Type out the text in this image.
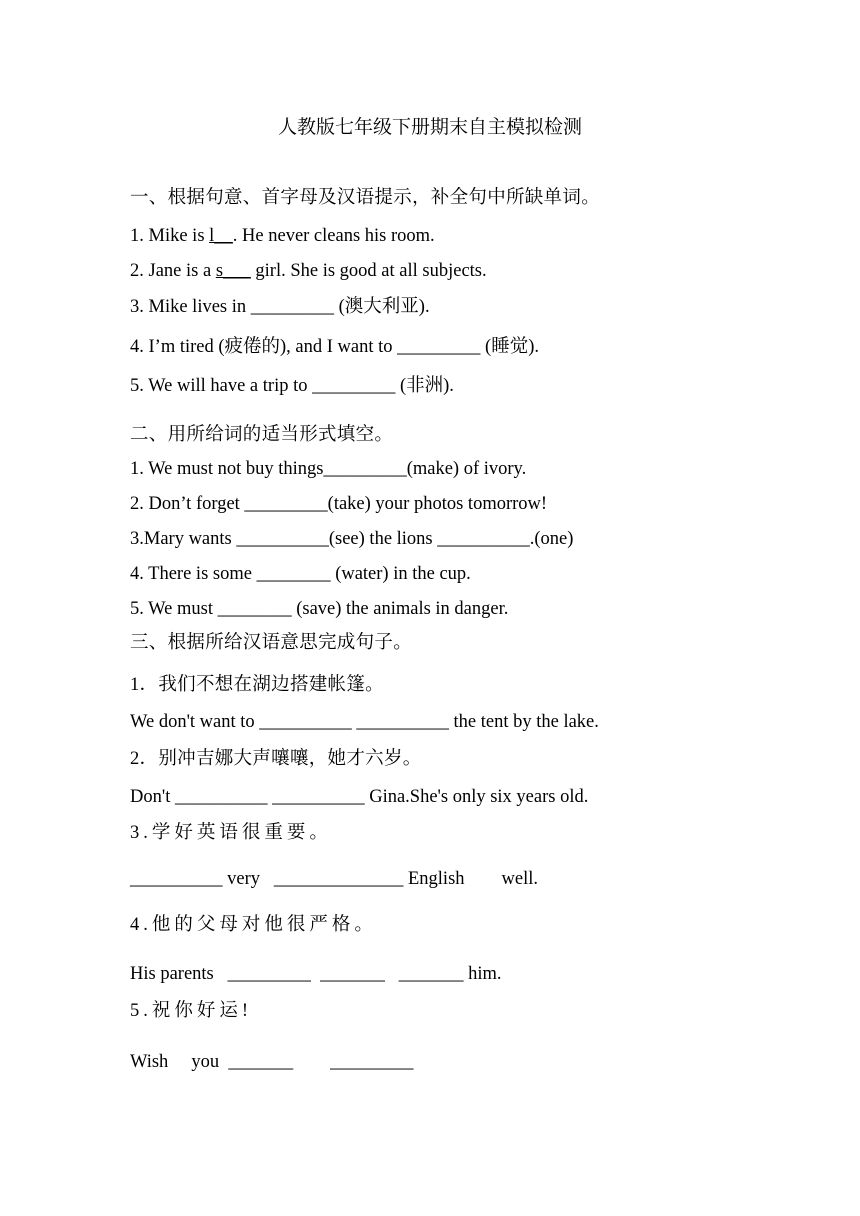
人教版七年级下册期末自主模拟检测
一、根据句意、首字母及汉语提示，补全句中所缺单词。
1. Mike is l__. He never cleans his room.
2. Jane is a s___ girl. She is good at all subjects.
3. Mike lives in _________ (澳大利亚).
4. I’m tired (疲倦的), and I want to _________ (睡觉).
5. We will have a trip to _________ (非洲).
二、用所给词的适当形式填空。
1. We must not buy things_________(make) of ivory.
2. Don’t forget _________(take) your photos tomorrow!
3.Mary wants __________(see) the lions __________.(one)
4. There is some ________ (water) in the cup.
5. We must ________ (save) the animals in danger.
三、根据所给汉语意思完成句子。
1．我们不想在湖边搭建帐篷。
We don't want to __________ __________ the tent by the lake.
2．别冲吉娜大声嚷嚷，她才六岁。
Don't __________ __________ Gina.She's only six years old.
3.学好英语很重要。
__________ very   ______________ English        well.
4.他的父母对他很严格。
His parents   _________  _______   _______ him.
5.祝你好运!
Wish     you  _______        _________
